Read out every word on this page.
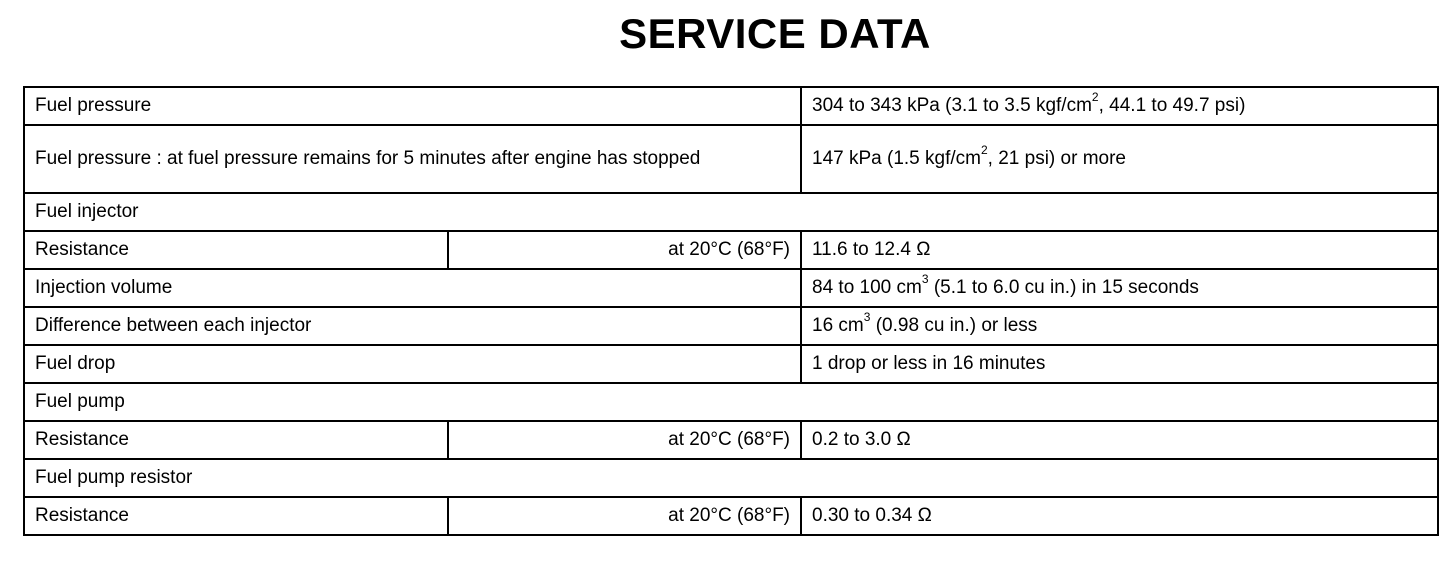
SERVICE DATA
Fuel pressure		304 to 343 kPa (3.1 to 3.5 kgf/$cm^2$, 44.1 to 49.7 psi)
Fuel pressure : at fuel pressure remains for 5 minutes after engine has stopped		147 kPa (1.5 kgf/$cm^2$, 21 psi) or more
Fuel injector		
Resistance	at 20°C (68°F)	11.6 to 12.4 Ω
Injection volume		84 to 100 $cm^3$ (5.1 to 6.0 cu in.) in 15 seconds
Difference between each injector		16 $cm^3$ (0.98 cu in.) or less
Fuel drop		1 drop or less in 16 minutes
Fuel pump		
Resistance	at 20°C (68°F)	0.2 to 3.0 Ω
Fuel pump resistor		
Resistance	at 20°C (68°F)	0.30 to 0.34 Ω
